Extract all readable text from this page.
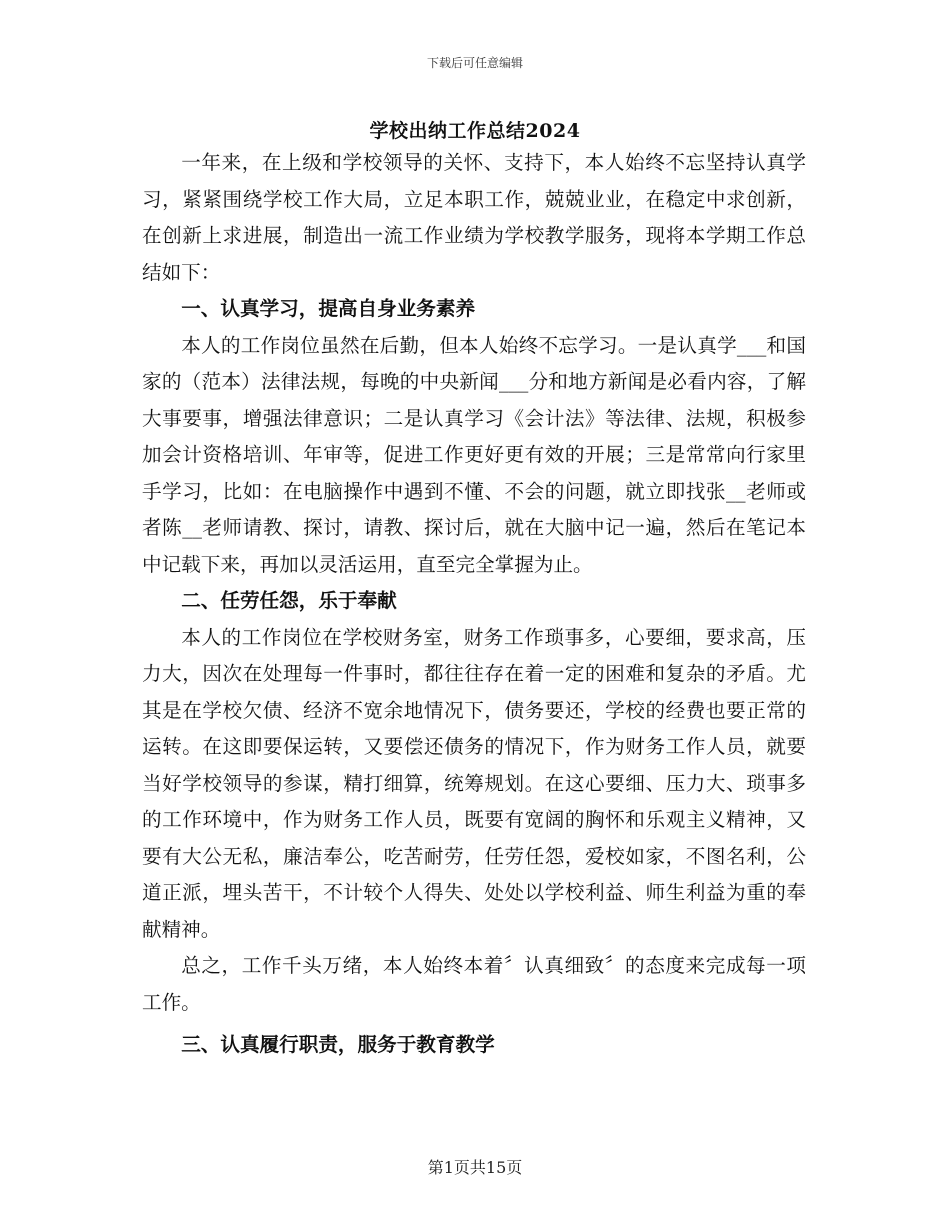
下载后可任意编辑
学校出纳工作总结2024

一年来，在上级和学校领导的关怀、支持下，本人始终不忘坚持认真学习，紧紧围绕学校工作大局，立足本职工作，兢兢业业，在稳定中求创新，在创新上求进展，制造出一流工作业绩为学校教学服务，现将本学期工作总结如下：

一、认真学习，提高自身业务素养

本人的工作岗位虽然在后勤，但本人始终不忘学习。一是认真学___和国家的（范本）法律法规，每晚的中央新闻___分和地方新闻是必看内容，了解大事要事，增强法律意识；二是认真学习《会计法》等法律、法规，积极参加会计资格培训、年审等，促进工作更好更有效的开展；三是常常向行家里手学习，比如：在电脑操作中遇到不懂、不会的问题，就立即找张__老师或者陈__老师请教、探讨，请教、探讨后，就在大脑中记一遍，然后在笔记本中记载下来，再加以灵活运用，直至完全掌握为止。

二、任劳任怨，乐于奉献

本人的工作岗位在学校财务室，财务工作琐事多，心要细，要求高，压力大，因次在处理每一件事时，都往往存在着一定的困难和复杂的矛盾。尤其是在学校欠债、经济不宽余地情况下，债务要还，学校的经费也要正常的运转。在这即要保运转，又要偿还债务的情况下，作为财务工作人员，就要当好学校领导的参谋，精打细算，统筹规划。在这心要细、压力大、琐事多的工作环境中，作为财务工作人员，既要有宽阔的胸怀和乐观主义精神，又要有大公无私，廉洁奉公，吃苦耐劳，任劳任怨，爱校如家，不图名利，公道正派，埋头苦干，不计较个人得失、处处以学校利益、师生利益为重的奉献精神。

总之，工作千头万绪，本人始终本着〞认真细致〞的态度来完成每一项工作。

三、认真履行职责，服务于教育教学

第1页共15页
